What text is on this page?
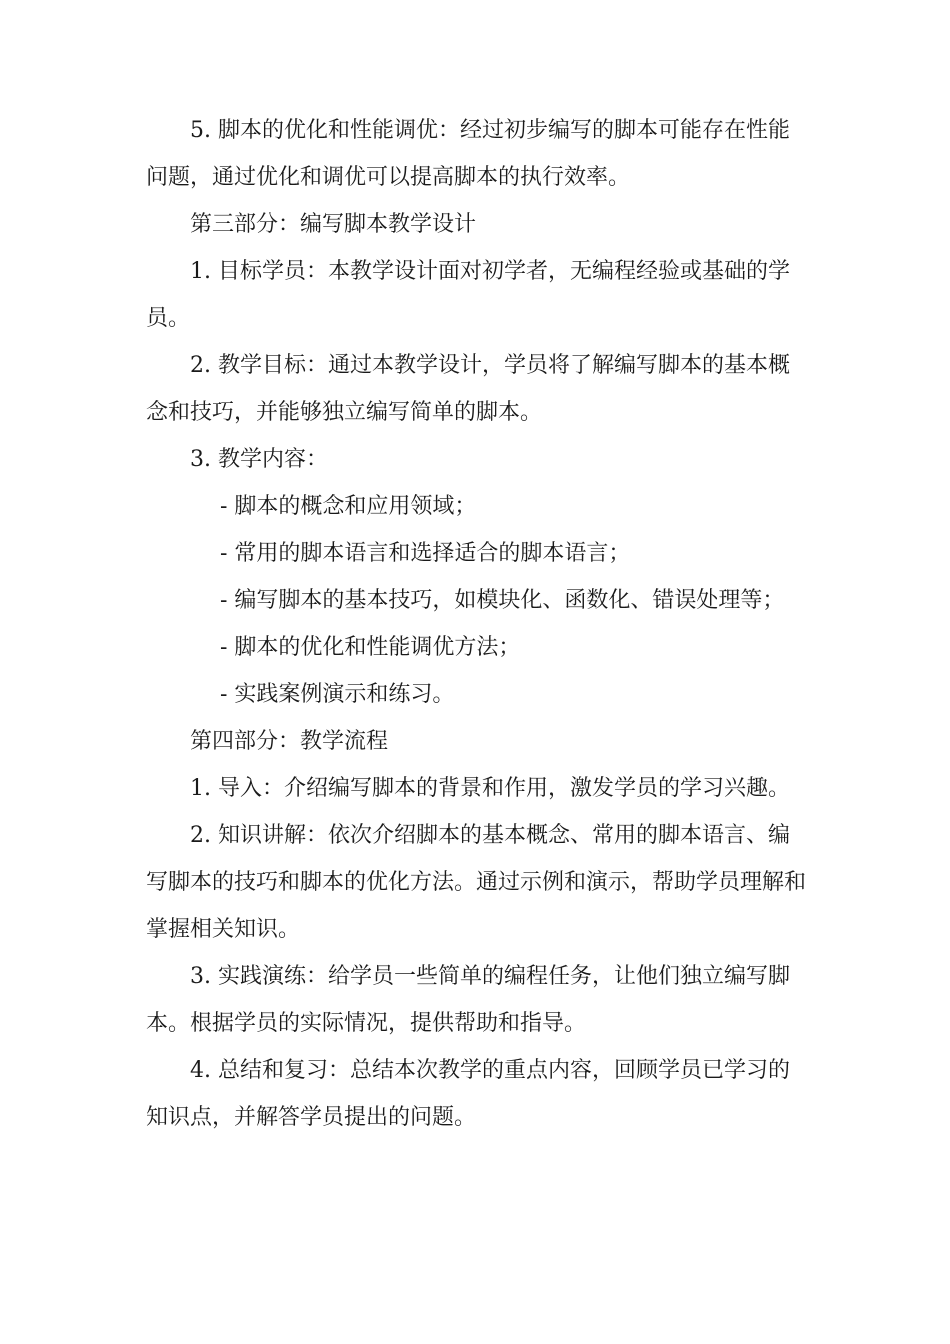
5. 脚本的优化和性能调优：经过初步编写的脚本可能存在性能问题，通过优化和调优可以提高脚本的执行效率。

第三部分：编写脚本教学设计

1. 目标学员：本教学设计面对初学者，无编程经验或基础的学员。

2. 教学目标：通过本教学设计，学员将了解编写脚本的基本概念和技巧，并能够独立编写简单的脚本。

3. 教学内容：

- 脚本的概念和应用领域；

- 常用的脚本语言和选择适合的脚本语言；

- 编写脚本的基本技巧，如模块化、函数化、错误处理等；

- 脚本的优化和性能调优方法；

- 实践案例演示和练习。

第四部分：教学流程

1. 导入：介绍编写脚本的背景和作用，激发学员的学习兴趣。

2. 知识讲解：依次介绍脚本的基本概念、常用的脚本语言、编写脚本的技巧和脚本的优化方法。通过示例和演示，帮助学员理解和掌握相关知识。

3. 实践演练：给学员一些简单的编程任务，让他们独立编写脚本。根据学员的实际情况，提供帮助和指导。

4. 总结和复习：总结本次教学的重点内容，回顾学员已学习的知识点，并解答学员提出的问题。
